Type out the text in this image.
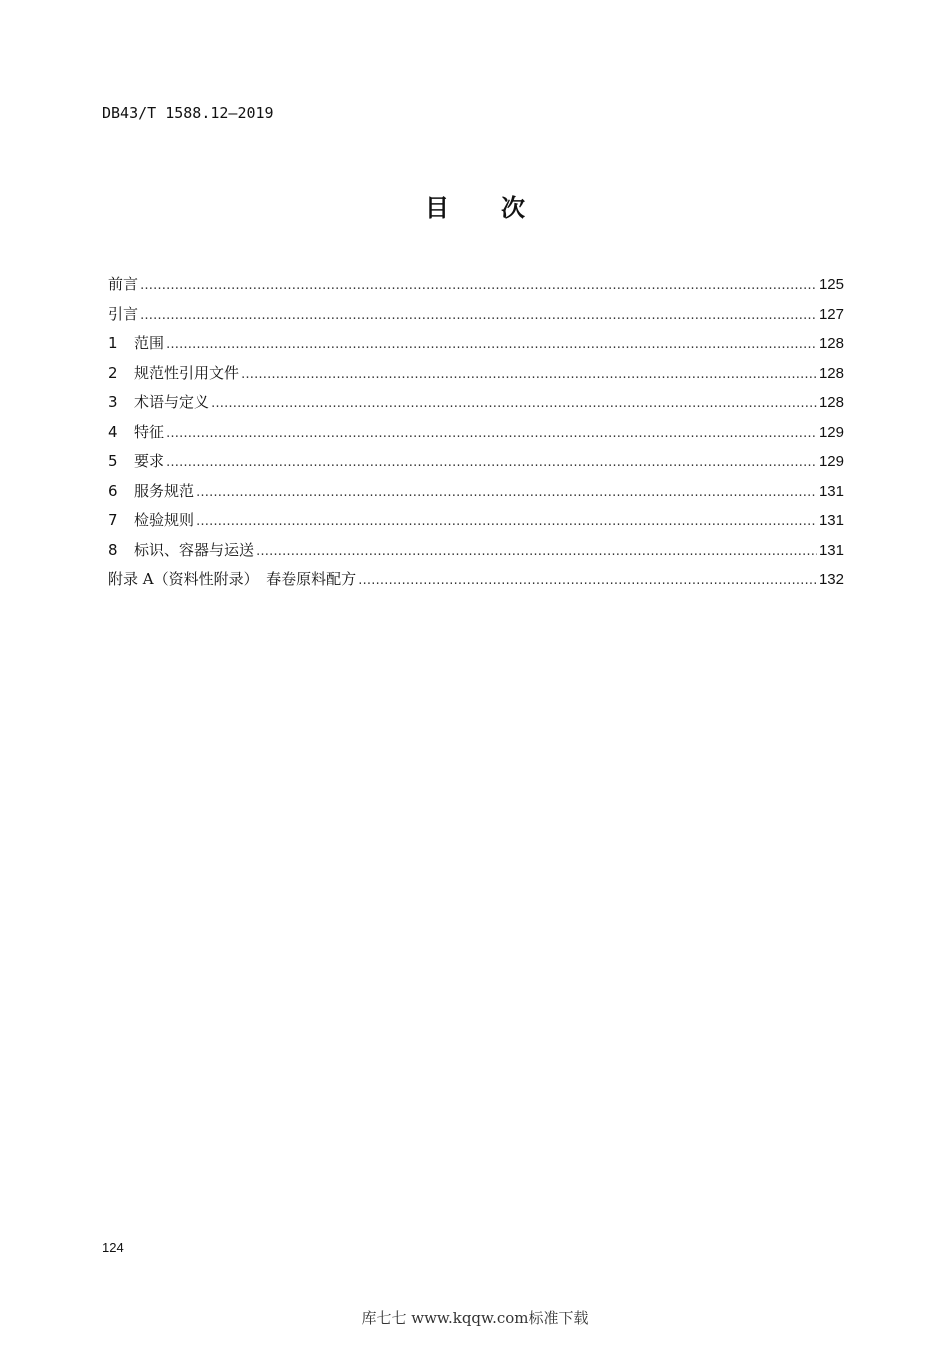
DB43/T 1588.12—2019
目次
前言 ……………………………………………………………………………………………………………………………………………………………………………………………………………	125
引言 ……………………………………………………………………………………………………………………………………………………………………………………………………………	127
1	范围 ……………………………………………………………………………………………………………………………………………………………………………………………………………	128
2	规范性引用文件 ……………………………………………………………………………………………………………………………………………………………………………………………………………	128
3	术语与定义 ……………………………………………………………………………………………………………………………………………………………………………………………………………	128
4	特征 ……………………………………………………………………………………………………………………………………………………………………………………………………………	129
5	要求 ……………………………………………………………………………………………………………………………………………………………………………………………………………	129
6	服务规范 ……………………………………………………………………………………………………………………………………………………………………………………………………………	131
7	检验规则 ……………………………………………………………………………………………………………………………………………………………………………………………………………	131
8	标识、容器与运送 ……………………………………………………………………………………………………………………………………………………………………………………………………………	131
附录 A（资料性附录）　春卷原料配方 ……………………………………………………………………………………………………………………………………………………………………………………………………………	132
124
库七七 www.kqqw.com标准下载
